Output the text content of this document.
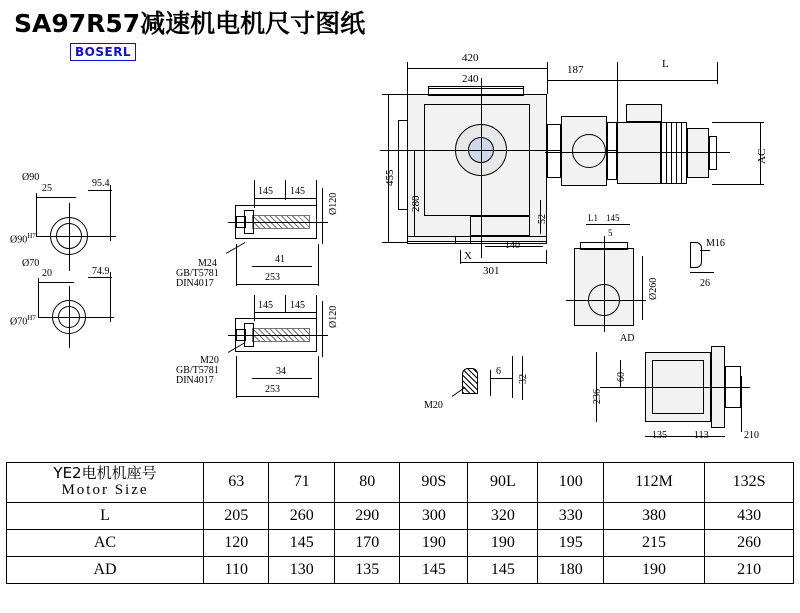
SA97R57减速机电机尺寸图纸
BOSERL
25
Ø90
95.4
$Ø90^{H7}$
20
Ø70
74.9
$Ø70^{H7}$
145 145
Ø120
M24
GB/T5781
DIN4017
41
253
145 145
Ø120
M20
GB/T5781
DIN4017
34
253
420
240
455
280
52
140
301
X
187	L
AC
L1 145
5
Ø260
AD
M16
26
M20
32
6
236
60
135	113	210
YE2电机机座号
Motor Size	63	71	80	90S	90L	100	112M	132S
L	205	260	290	300	320	330	380	430
AC	120	145	170	190	190	195	215	260
AD	110	130	135	145	145	180	190	210
